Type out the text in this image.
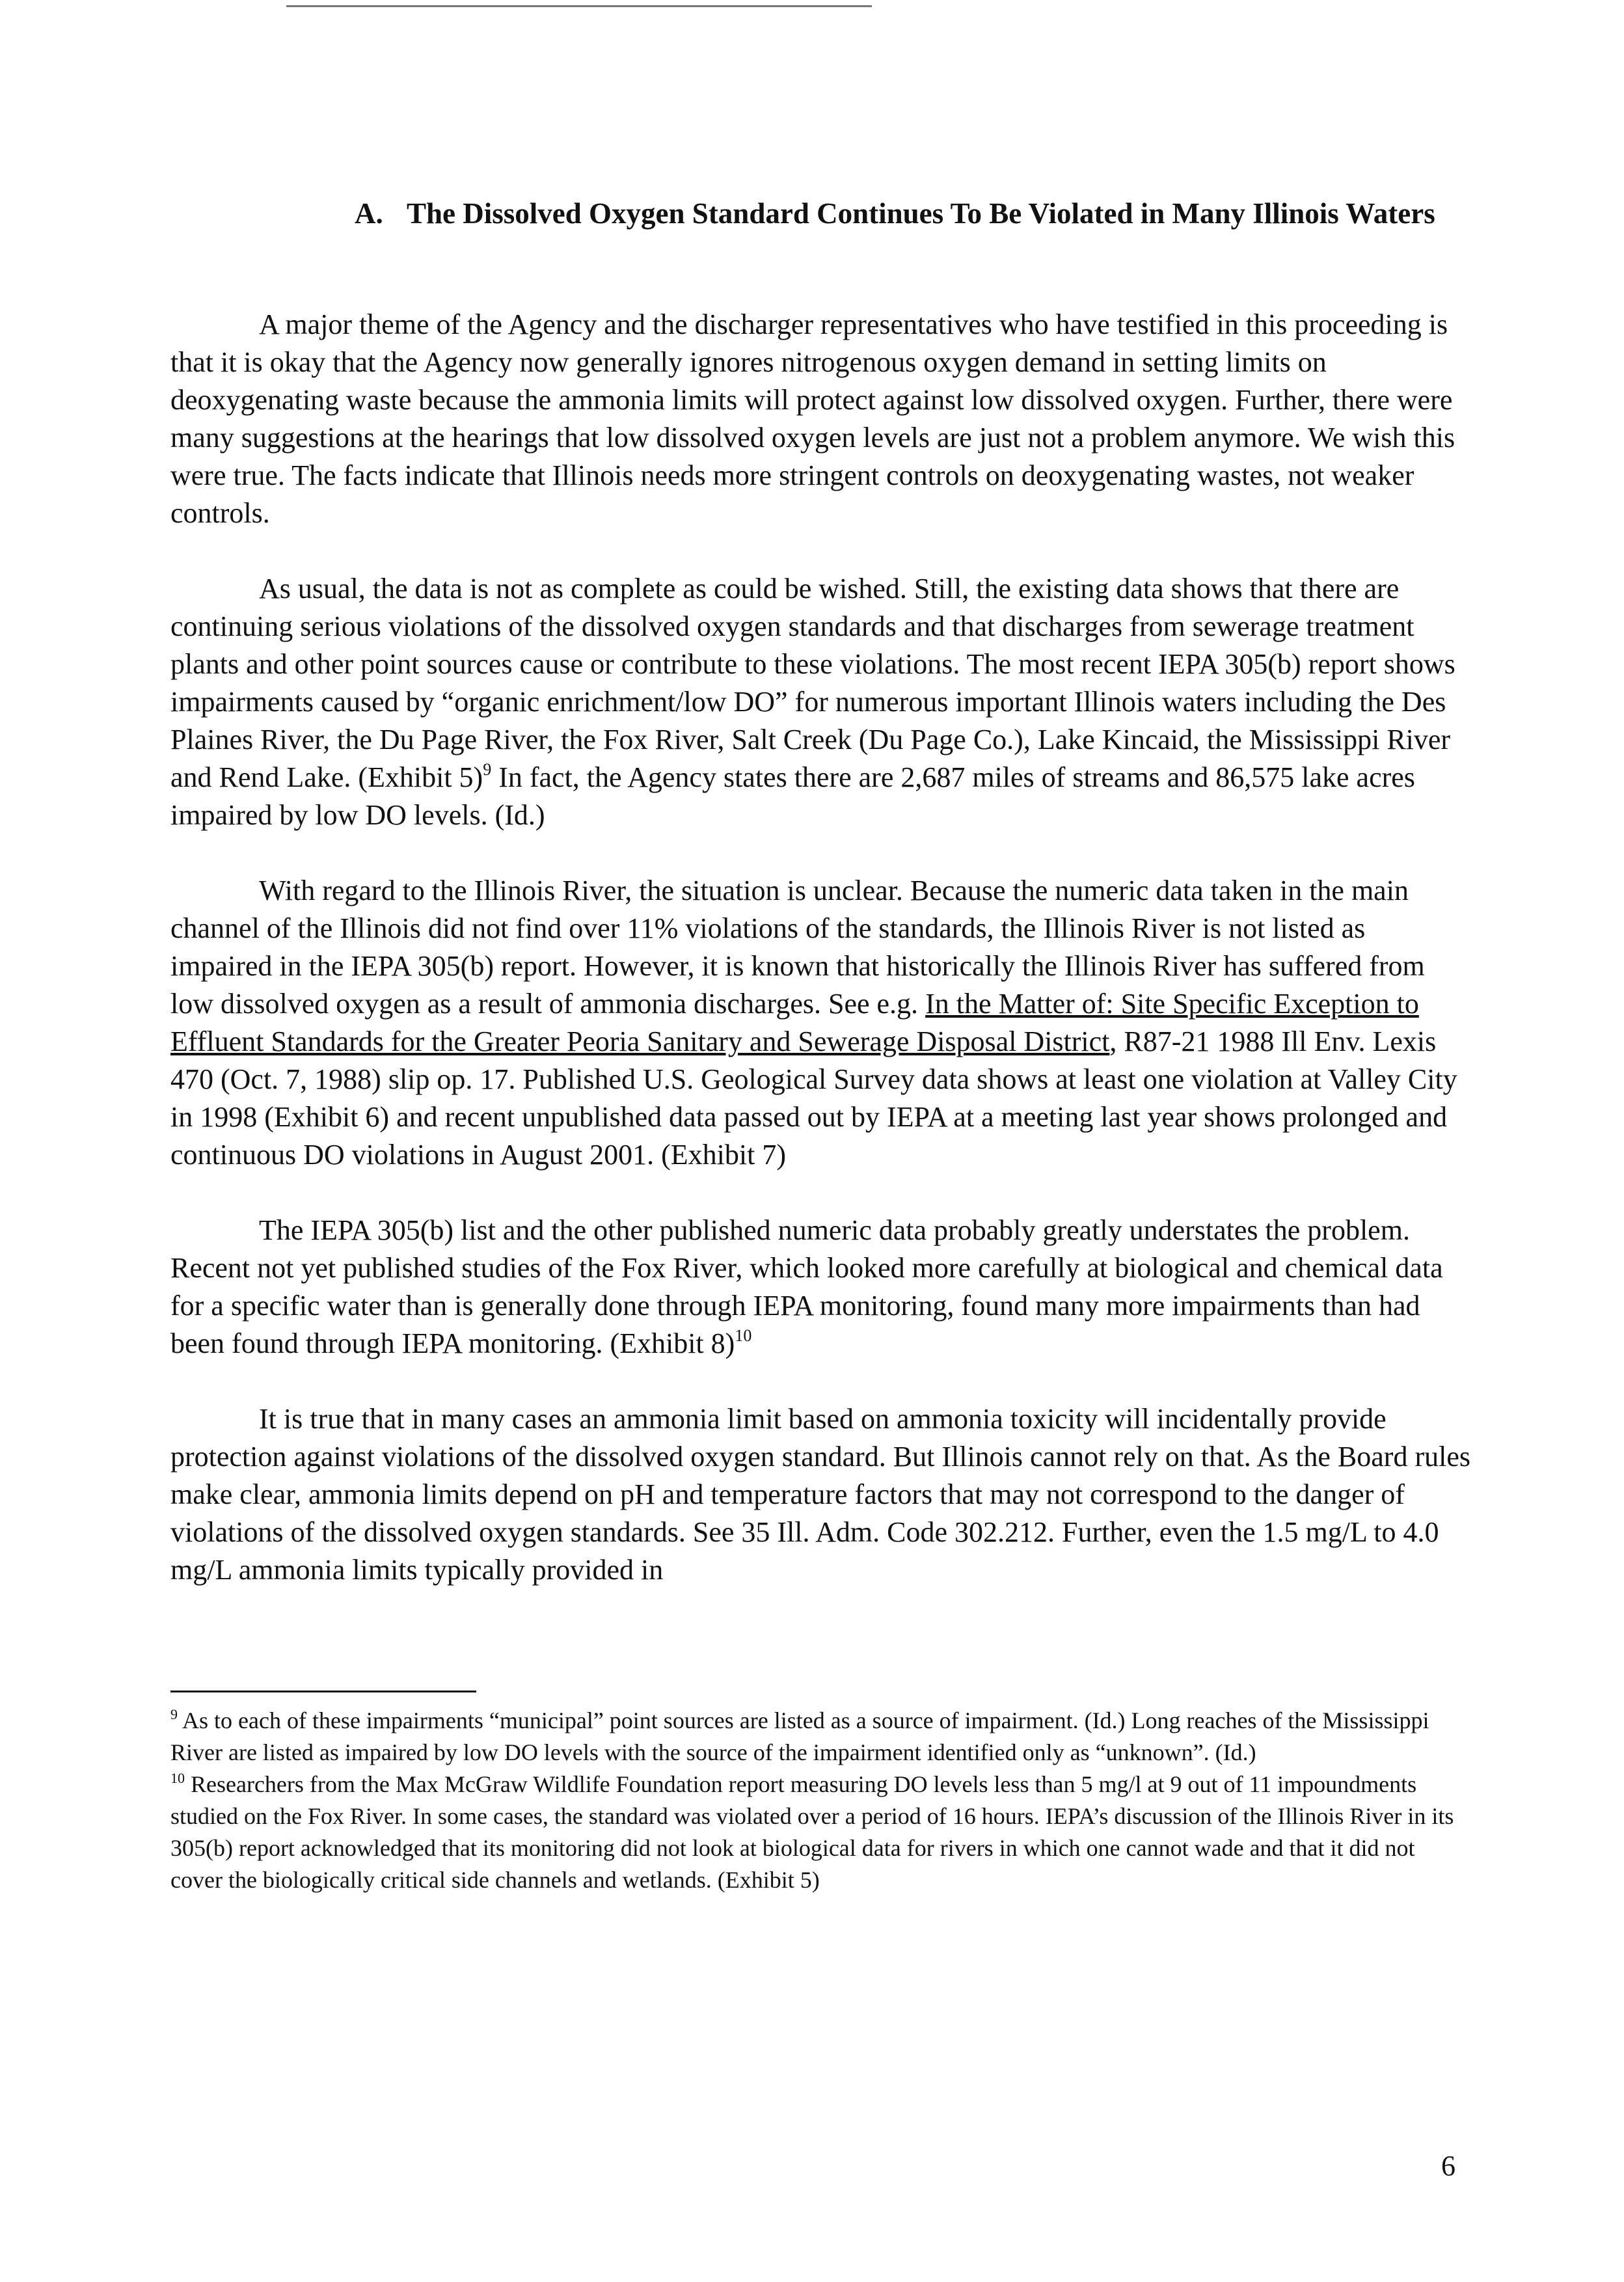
A. The Dissolved Oxygen Standard Continues To Be Violated in Many Illinois Waters

A major theme of the Agency and the discharger representatives who have testified in this proceeding is that it is okay that the Agency now generally ignores nitrogenous oxygen demand in setting limits on deoxygenating waste because the ammonia limits will protect against low dissolved oxygen. Further, there were many suggestions at the hearings that low dissolved oxygen levels are just not a problem anymore. We wish this were true. The facts indicate that Illinois needs more stringent controls on deoxygenating wastes, not weaker controls.

As usual, the data is not as complete as could be wished. Still, the existing data shows that there are continuing serious violations of the dissolved oxygen standards and that discharges from sewerage treatment plants and other point sources cause or contribute to these violations. The most recent IEPA 305(b) report shows impairments caused by “organic enrichment/low DO” for numerous important Illinois waters including the Des Plaines River, the Du Page River, the Fox River, Salt Creek (Du Page Co.), Lake Kincaid, the Mississippi River and Rend Lake. (Exhibit 5)$^9$ In fact, the Agency states there are 2,687 miles of streams and 86,575 lake acres impaired by low DO levels. (Id.)

With regard to the Illinois River, the situation is unclear. Because the numeric data taken in the main channel of the Illinois did not find over 11% violations of the standards, the Illinois River is not listed as impaired in the IEPA 305(b) report. However, it is known that historically the Illinois River has suffered from low dissolved oxygen as a result of ammonia discharges. See e.g. In the Matter of: Site Specific Exception to Effluent Standards for the Greater Peoria Sanitary and Sewerage Disposal District, R87-21 1988 Ill Env. Lexis 470 (Oct. 7, 1988) slip op. 17. Published U.S. Geological Survey data shows at least one violation at Valley City in 1998 (Exhibit 6) and recent unpublished data passed out by IEPA at a meeting last year shows prolonged and continuous DO violations in August 2001. (Exhibit 7)

The IEPA 305(b) list and the other published numeric data probably greatly understates the problem. Recent not yet published studies of the Fox River, which looked more carefully at biological and chemical data for a specific water than is generally done through IEPA monitoring, found many more impairments than had been found through IEPA monitoring. (Exhibit 8)$^{10}$

It is true that in many cases an ammonia limit based on ammonia toxicity will incidentally provide protection against violations of the dissolved oxygen standard. But Illinois cannot rely on that. As the Board rules make clear, ammonia limits depend on pH and temperature factors that may not correspond to the danger of violations of the dissolved oxygen standards. See 35 Ill. Adm. Code 302.212. Further, even the 1.5 mg/L to 4.0 mg/L ammonia limits typically provided in

$^9$ As to each of these impairments “municipal” point sources are listed as a source of impairment. (Id.) Long reaches of the Mississippi River are listed as impaired by low DO levels with the source of the impairment identified only as “unknown”. (Id.)

$^{10}$ Researchers from the Max McGraw Wildlife Foundation report measuring DO levels less than 5 mg/l at 9 out of 11 impoundments studied on the Fox River. In some cases, the standard was violated over a period of 16 hours. IEPA’s discussion of the Illinois River in its 305(b) report acknowledged that its monitoring did not look at biological data for rivers in which one cannot wade and that it did not cover the biologically critical side channels and wetlands. (Exhibit 5)

6
